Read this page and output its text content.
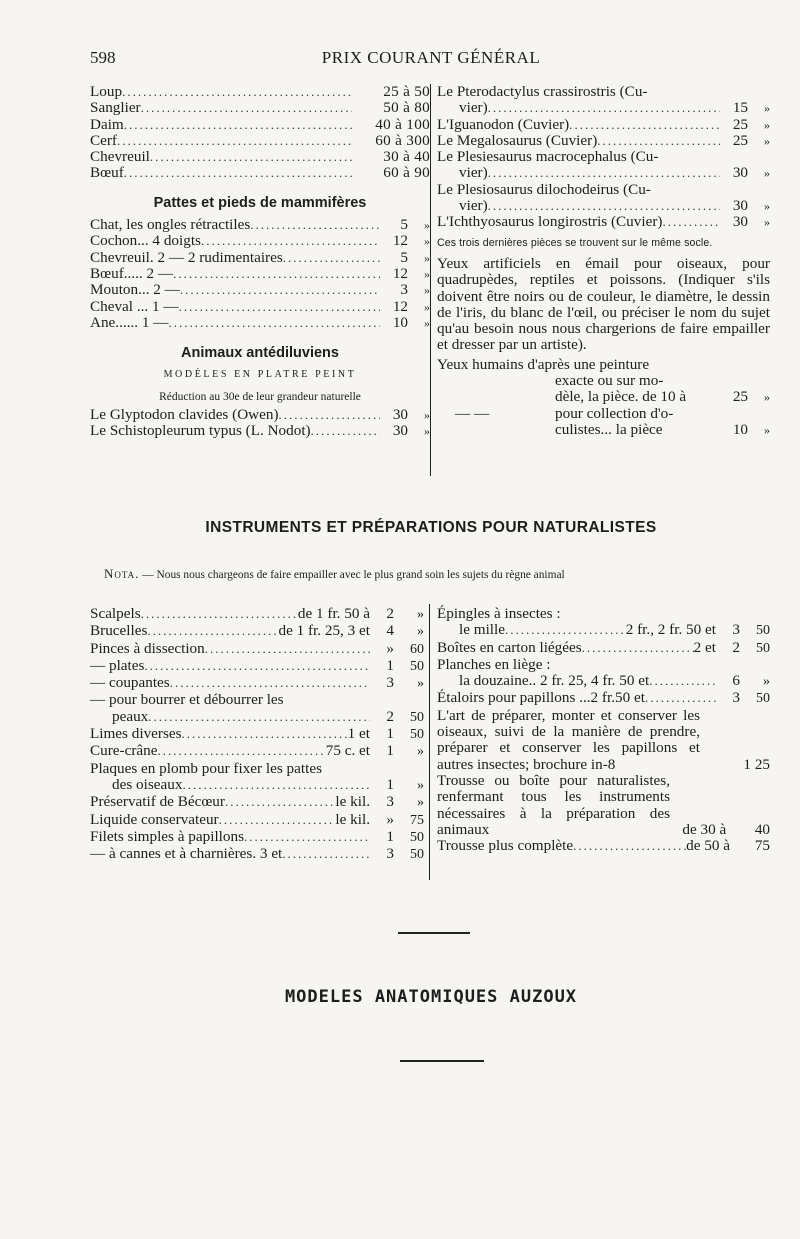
598	PRIX COURANT GÉNÉRAL
Loup .....	25 à 50
Sanglier .....	50 à 80
Daim .....	40 à 100
Cerf .....	60 à 300
Chevreuil .....	30 à 40
Bœuf .....	60 à 90
Pattes et pieds de mammifères
Chat, les ongles rétractiles .....	5	»
Cochon... 4 doigts .....	12	»
Chevreuil. 2 — 2 rudimentaires .....	5	»
Bœuf..... 2 — .....	12	»
Mouton... 2 — .....	3	»
Cheval ... 1 — .....	12	»
Ane...... 1 — .....	10	»
Animaux antédiluviens
MODÈLES EN PLATRE PEINT
Réduction au 30e de leur grandeur naturelle
Le Glyptodon clavides (Owen) .....	30	»
Le Schistopleurum typus (L. Nodot) .....	30	»
Le Pterodactylus crassirostris (Cu-
vier) .....	15	»
L'Iguanodon (Cuvier) .....	25	»
Le Megalosaurus (Cuvier) .....	25	»
Le Plesiesaurus macrocephalus (Cu-
vier) .....	30	»
Le Plesiosaurus dilochodeirus (Cu-
vier) .....	30	»
L'Ichthyosaurus longirostris (Cuvier) .....	30	»
Ces trois dernières pièces se trouvent sur le même socle.
Yeux artificiels en émail pour oiseaux, pour quadrupèdes, reptiles et poissons. (Indiquer s'ils doivent être noirs ou de couleur, le diamètre, le dessin de l'iris, du blanc de l'œil, ou préciser le nom du sujet qu'au besoin nous nous chargerions de faire empailler et dresser par un artiste).
Yeux humains d'après une peinture
exacte ou sur mo-
dèle, la pièce. de 10 à	25	»
— —	pour collection d'o-
culistes... la pièce	10	»
INSTRUMENTS ET PRÉPARATIONS POUR NATURALISTES
Nota. — Nous nous chargeons de faire empailler avec le plus grand soin les sujets du règne animal
Scalpels .....	de 1 fr. 50 à	2	»
Brucelles .....	de 1 fr. 25, 3 et	4	»
Pinces à dissection .....	»	60
— plates .....	1	50
— coupantes .....	3	»
— pour bourrer et débourrer les
peaux .....	2	50
Limes diverses .....	1 et	1	50
Cure-crâne .....	75 c. et	1	»
Plaques en plomb pour fixer les pattes
des oiseaux .....	1	»
Préservatif de Bécœur .....	le kil.	3	»
Liquide conservateur .....	le kil.	»	75
Filets simples à papillons .....	1	50
— à cannes et à charnières. 3 et .....	3	50
Épingles à insectes :
le mille .....	2 fr., 2 fr. 50 et	3	50
Boîtes en carton liégées .....	2 et	2	50
Planches en liège :
la douzaine.. 2 fr. 25, 4 fr. 50 et .....	6	»
Étaloirs pour papillons ...2 fr.50 et .....	3	50
L'art de préparer, monter et conserver les oiseaux, suivi de la manière de prendre, préparer et conserver les papillons et autres insectes; brochure in-8	1 25
Trousse ou boîte pour naturalistes, renfermant tous les instruments nécessaires à la préparation des animaux	de 30 à 40
Trousse plus complète .....	de 50 à	75
MODELES ANATOMIQUES AUZOUX
